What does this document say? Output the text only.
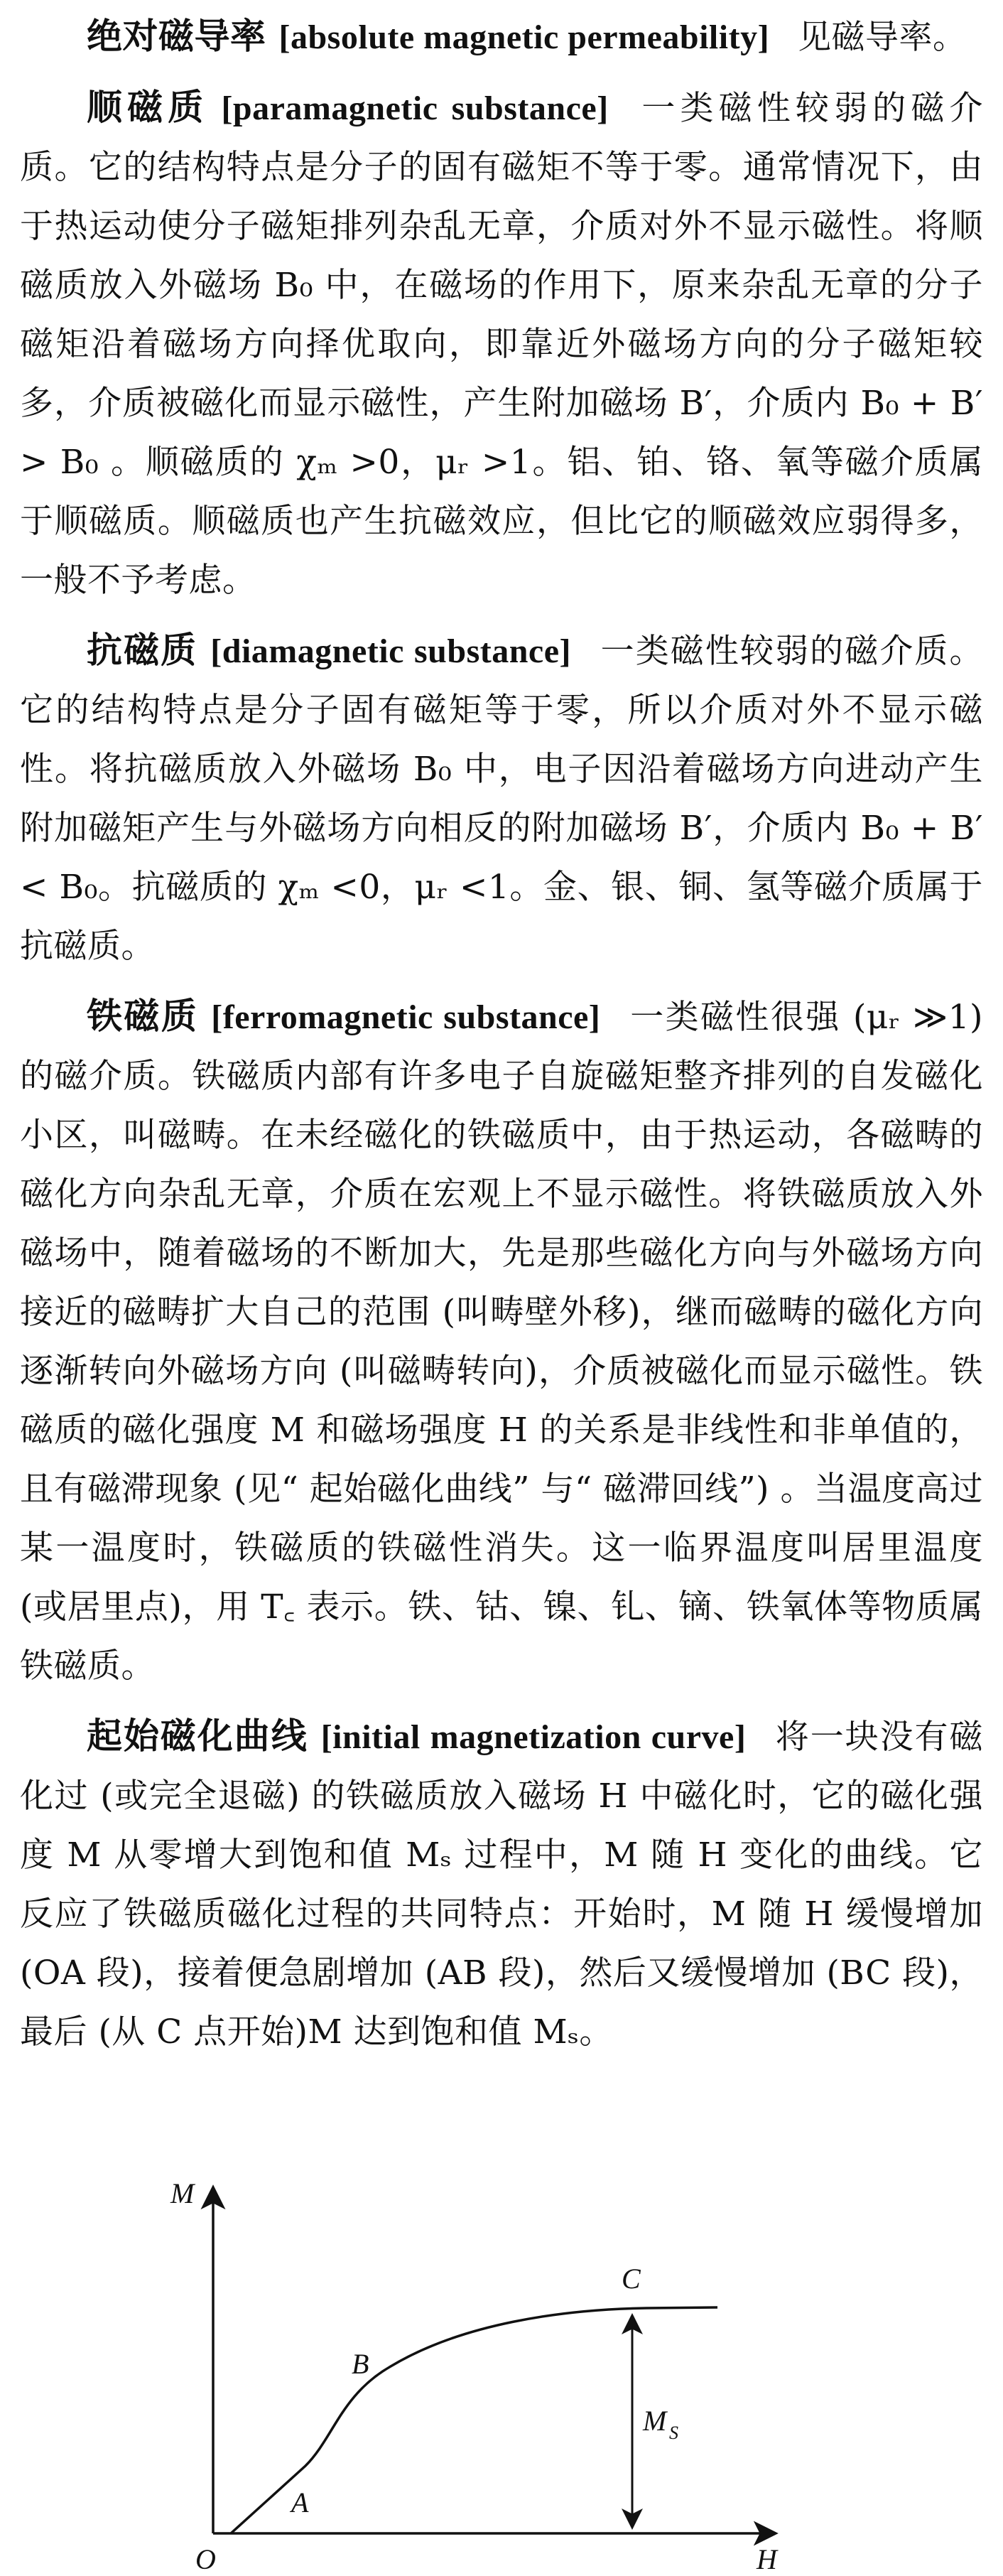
绝对磁导率 [absolute magnetic permeability] 见磁导率。

顺磁质 [paramagnetic substance] 一类磁性较弱的磁介质。它的结构特点是分子的固有磁矩不等于零。通常情况下，由于热运动使分子磁矩排列杂乱无章，介质对外不显示磁性。将顺磁质放入外磁场 B₀ 中，在磁场的作用下，原来杂乱无章的分子磁矩沿着磁场方向择优取向，即靠近外磁场方向的分子磁矩较多，介质被磁化而显示磁性，产生附加磁场 B′，介质内 B₀ + B′ > B₀ 。顺磁质的 χₘ >0，μᵣ >1。铝、铂、铬、氧等磁介质属于顺磁质。顺磁质也产生抗磁效应，但比它的顺磁效应弱得多，一般不予考虑。

抗磁质 [diamagnetic substance] 一类磁性较弱的磁介质。它的结构特点是分子固有磁矩等于零，所以介质对外不显示磁性。将抗磁质放入外磁场 B₀ 中，电子因沿着磁场方向进动产生附加磁矩产生与外磁场方向相反的附加磁场 B′，介质内 B₀ + B′ < B₀。抗磁质的 χₘ <0，μᵣ <1。金、银、铜、氢等磁介质属于抗磁质。

铁磁质 [ferromagnetic substance] 一类磁性很强 (μᵣ ≫1) 的磁介质。铁磁质内部有许多电子自旋磁矩整齐排列的自发磁化小区，叫磁畴。在未经磁化的铁磁质中，由于热运动，各磁畴的磁化方向杂乱无章，介质在宏观上不显示磁性。将铁磁质放入外磁场中，随着磁场的不断加大，先是那些磁化方向与外磁场方向接近的磁畴扩大自己的范围 (叫畴壁外移)，继而磁畴的磁化方向逐渐转向外磁场方向 (叫磁畴转向)，介质被磁化而显示磁性。铁磁质的磁化强度 M 和磁场强度 H 的关系是非线性和非单值的，且有磁滞现象 (见“ 起始磁化曲线” 与“ 磁滞回线”) 。当温度高过某一温度时，铁磁质的铁磁性消失。这一临界温度叫居里温度 (或居里点)，用 T꜀ 表示。铁、钴、镍、钆、镝、铁氧体等物质属铁磁质。

起始磁化曲线 [initial magnetization curve] 将一块没有磁化过 (或完全退磁) 的铁磁质放入磁场 H 中磁化时，它的磁化强度 M 从零增大到饱和值 Mₛ 过程中，M 随 H 变化的曲线。它反应了铁磁质磁化过程的共同特点：开始时，M 随 H 缓慢增加 (OA 段)，接着便急剧增加 (AB 段)，然后又缓慢增加 (BC 段)，最后 (从 C 点开始)M 达到饱和值 Mₛ。

M
H
O
A
B
C
M S
